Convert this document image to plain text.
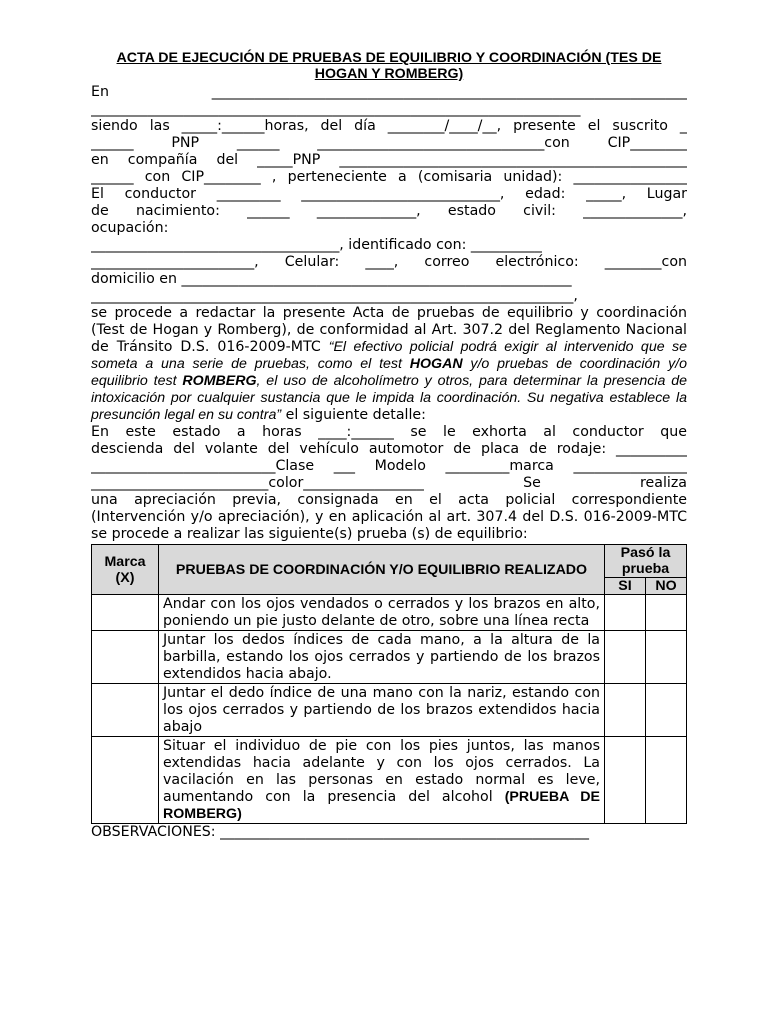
ACTA DE EJECUCIÓN DE PRUEBAS DE EQUILIBRIO Y COORDINACIÓN (TES DE HOGAN Y ROMBERG)
En ___________________________________________________________________
_____________________________________________________________________
siendo las _____:______horas, del día ________/____/__, presente el suscrito _
______ PNP ______ ________________________________con CIP________
en compañía del _____PNP _________________________________________________
______ con CIP________ , perteneciente a (comisaria unidad): ________________
El conductor _________ ____________________________, edad: _____, Lugar
de nacimiento: ______ ______________, estado civil: ______________,
ocupación:
___________________________________, identificado con: __________
_______________________, Celular: ____, correo electrónico: ________con
domicilio en _______________________________________________________
____________________________________________________________________,
se procede a redactar la presente Acta de pruebas de equilibrio y coordinación (Test de Hogan y Romberg), de conformidad al Art. 307.2 del Reglamento Nacional de Tránsito D.S. 016-2009-MTC “El efectivo policial podrá exigir al intervenido que se someta a una serie de pruebas, como el test HOGAN y/o pruebas de coordinación y/o equilibrio test ROMBERG, el uso de alcoholímetro y otros, para determinar la presencia de intoxicación por cualquier sustancia que le impida la coordinación. Su negativa establece la presunción legal en su contra” el siguiente detalle:
En este estado a horas ____:______ se le exhorta al conductor que
descienda del volante del vehículo automotor de placa de rodaje: __________
__________________________Clase ___ Modelo _________marca ________________
_________________________color_________________ Se realiza
una apreciación previa, consignada en el acta policial correspondiente (Intervención y/o apreciación), y en aplicación al art. 307.4 del D.S. 016-2009-MTC se procede a realizar las siguiente(s) prueba (s) de equilibrio:
Marca (X)	PRUEBAS DE COORDINACIÓN Y/O EQUILIBRIO REALIZADO	Pasó la prueba	
		SI	NO
	Andar con los ojos vendados o cerrados y los brazos en alto, poniendo un pie justo delante de otro, sobre una línea recta		
	Juntar los dedos índices de cada mano, a la altura de la barbilla, estando los ojos cerrados y partiendo de los brazos extendidos hacia abajo.		
	Juntar el dedo índice de una mano con la nariz, estando con los ojos cerrados y partiendo de los brazos extendidos hacia abajo		
	Situar el individuo de pie con los pies juntos, las manos extendidas hacia adelante y con los ojos cerrados. La vacilación en las personas en estado normal es leve, aumentando con la presencia del alcohol (PRUEBA DE ROMBERG)		
OBSERVACIONES: ____________________________________________________
